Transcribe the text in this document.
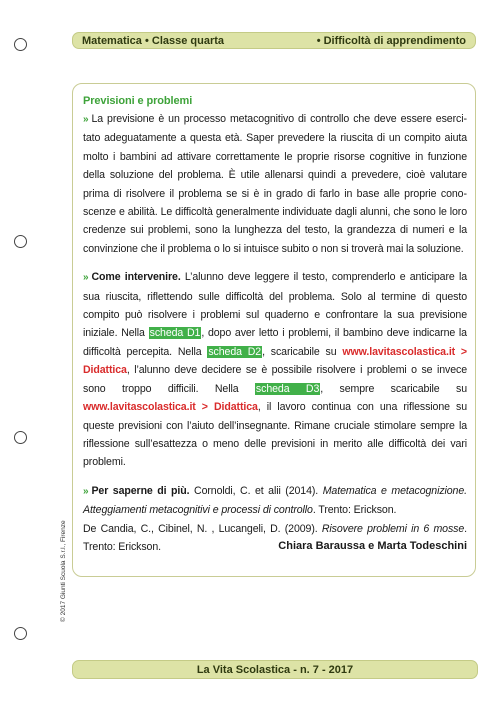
Matematica • Classe quarta	• Difficoltà di apprendimento
Previsioni e problemi

» La previsione è un processo metacognitivo di controllo che deve essere esercitato adeguatamente a questa età. Saper prevedere la riuscita di un compito aiuta molto i bambini ad attivare correttamente le proprie risorse cognitive in funzione della soluzione del problema. È utile allenarsi quindi a prevedere, cioè valutare prima di risolvere il problema se si è in grado di farlo in base alle proprie conoscenze e abilità. Le difficoltà generalmente individuate dagli alunni, che sono le loro credenze sui problemi, sono la lunghezza del testo, la grandezza di numeri e la convinzione che il problema o lo si intuisce subito o non si troverà mai la soluzione.

» Come intervenire. L’alunno deve leggere il testo, comprenderlo e anticipare la sua riuscita, riflettendo sulle difficoltà del problema. Solo al termine di questo compito può risolvere i problemi sul quaderno e confrontare la sua previsione iniziale. Nella scheda D1, dopo aver letto i problemi, il bambino deve indicarne la difficoltà percepita. Nella scheda D2, scaricabile su www.lavitascolastica.it > Didattica, l’alunno deve decidere se è possibile risolvere i problemi o se invece sono troppo difficili. Nella scheda D3, sempre scaricabile su www.lavitascolastica.it > Didattica, il lavoro continua con una riflessione su queste previsioni con l’aiuto dell’insegnante. Rimane cruciale stimolare sempre la riflessione sull’esattezza o meno delle previsioni in merito alle difficoltà dei vari problemi.

» Per saperne di più. Cornoldi, C. et alii (2014). Matematica e metacognizione. Atteggiamenti metacognitivi e processi di controllo. Trento: Erickson.
De Candia, C., Cibinel, N. , Lucangeli, D. (2009). Risovere problemi in 6 mosse. Trento: Erickson.	Chiara Baraussa e Marta Todeschini
© 2017 Giunti Scuola S.r.l., Firenze
La Vita Scolastica - n. 7 - 2017
